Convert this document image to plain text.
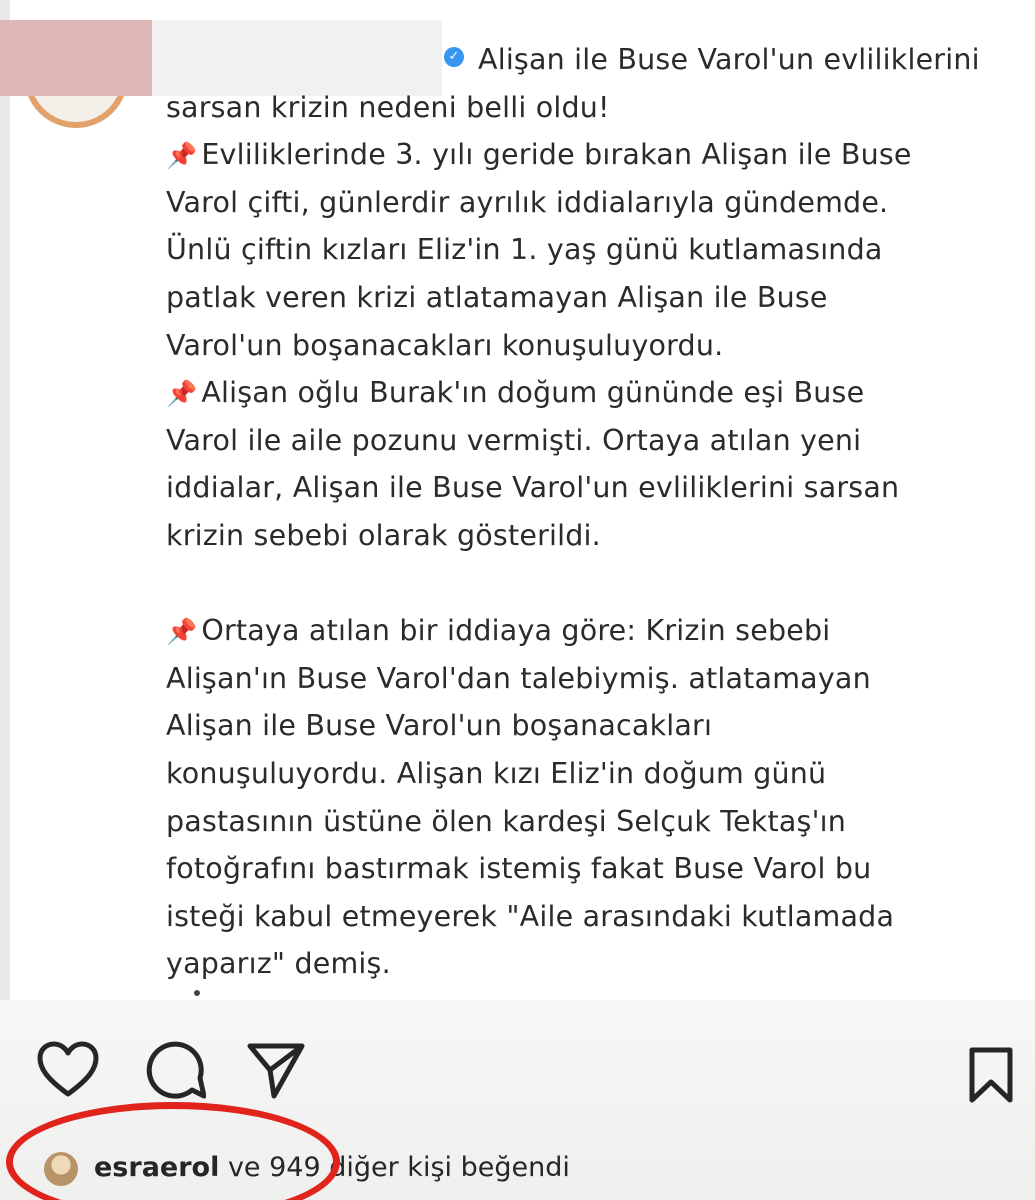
✓ Alişan ile Buse Varol'un evliliklerini
sarsan krizin nedeni belli oldu!
📌 Evliliklerinde 3. yılı geride bırakan Alişan ile Buse
Varol çifti, günlerdir ayrılık iddialarıyla gündemde.
Ünlü çiftin kızları Eliz'in 1. yaş günü kutlamasında
patlak veren krizi atlatamayan Alişan ile Buse
Varol'un boşanacakları konuşuluyordu.
📌 Alişan oğlu Burak'ın doğum gününde eşi Buse
Varol ile aile pozunu vermişti. Ortaya atılan yeni
iddialar, Alişan ile Buse Varol'un evliliklerini sarsan
krizin sebebi olarak gösterildi.
📌 Ortaya atılan bir iddiaya göre: Krizin sebebi
Alişan'ın Buse Varol'dan talebiymiş. atlatamayan
Alişan ile Buse Varol'un boşanacakları
konuşuluyordu. Alişan kızı Eliz'in doğum günü
pastasının üstüne ölen kardeşi Selçuk Tektaş'ın
fotoğrafını bastırmak istemiş fakat Buse Varol bu
isteği kabul etmeyerek "Aile arasındaki kutlamada
yaparız" demiş.
esraerol ve 949 diğer kişi beğendi
